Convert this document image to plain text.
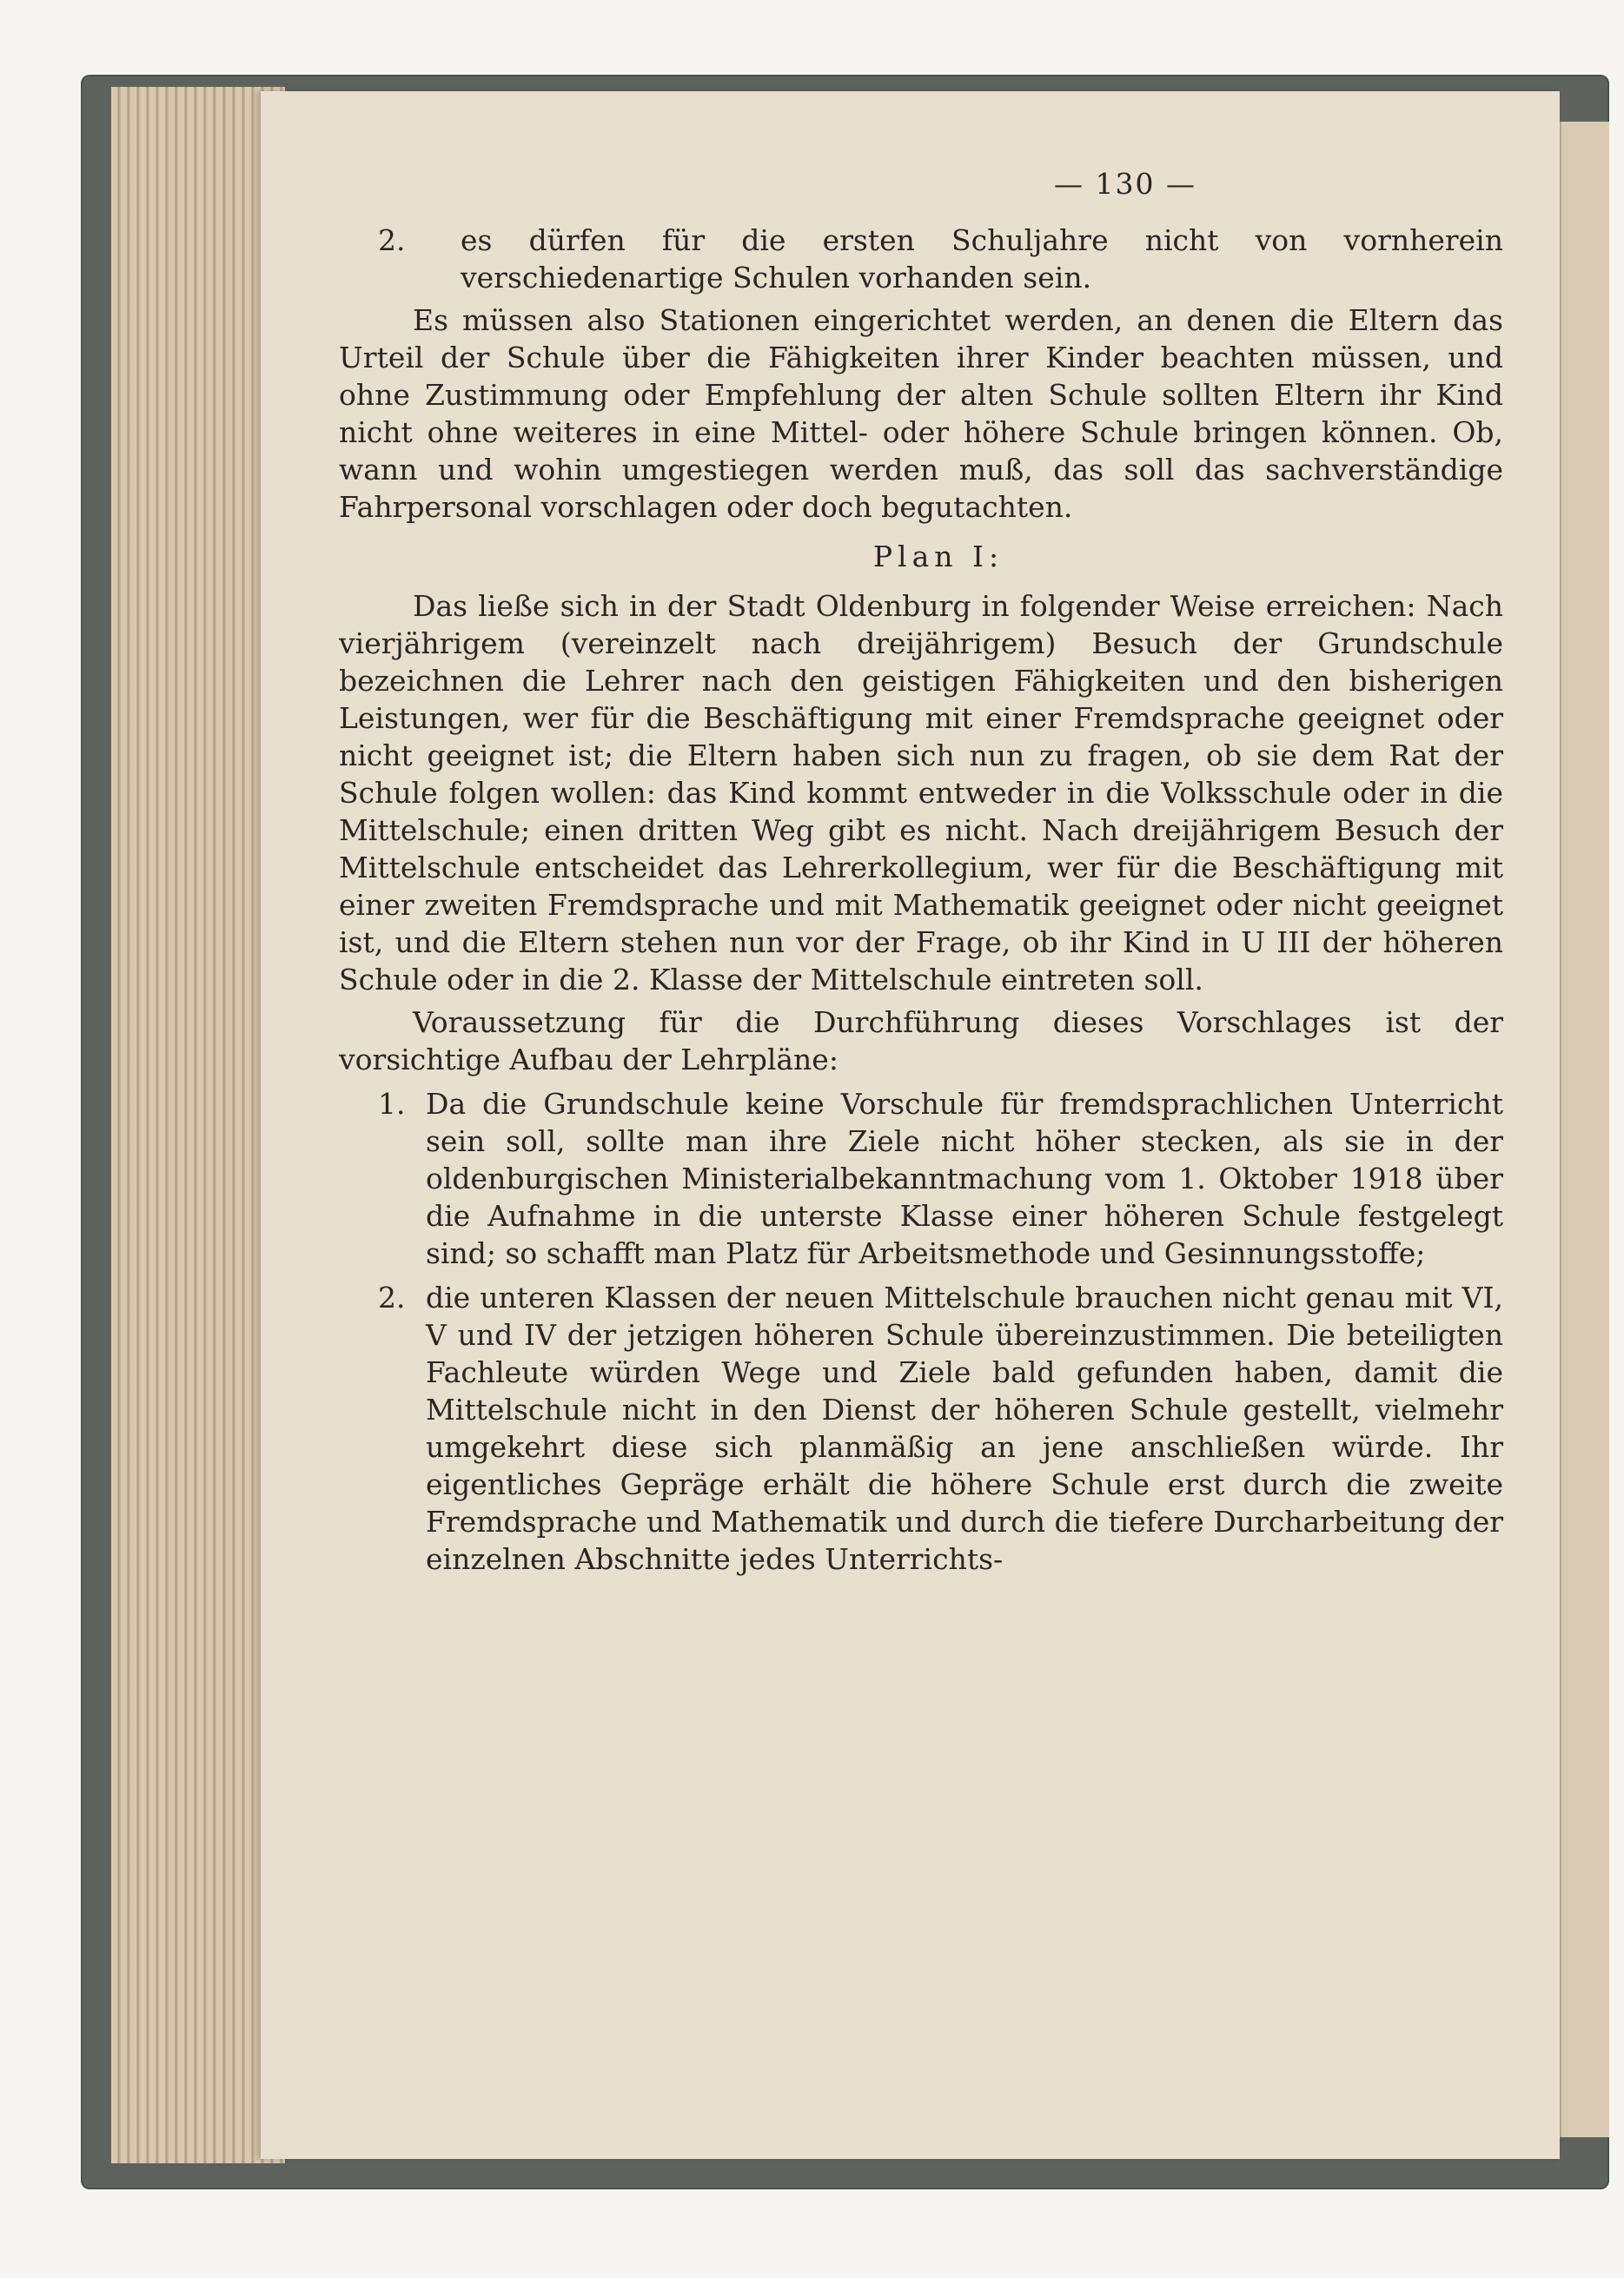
— 130 —
2. es dürfen für die ersten Schuljahre nicht von vornherein verschiedenartige Schulen vorhanden sein.

Es müssen also Stationen eingerichtet werden, an denen die Eltern das Urteil der Schule über die Fähigkeiten ihrer Kinder beachten müssen, und ohne Zustimmung oder Empfehlung der alten Schule sollten Eltern ihr Kind nicht ohne weiteres in eine Mittel- oder höhere Schule bringen können. Ob, wann und wohin umgestiegen werden muß, das soll das sachverständige Fahrpersonal vorschlagen oder doch begutachten.

Plan I:

Das ließe sich in der Stadt Oldenburg in folgender Weise erreichen: Nach vierjährigem (vereinzelt nach dreijährigem) Besuch der Grundschule bezeichnen die Lehrer nach den geistigen Fähigkeiten und den bisherigen Leistungen, wer für die Beschäftigung mit einer Fremdsprache geeignet oder nicht geeignet ist; die Eltern haben sich nun zu fragen, ob sie dem Rat der Schule folgen wollen: das Kind kommt entweder in die Volksschule oder in die Mittelschule; einen dritten Weg gibt es nicht. Nach dreijährigem Besuch der Mittelschule entscheidet das Lehrerkollegium, wer für die Beschäftigung mit einer zweiten Fremdsprache und mit Mathematik geeignet oder nicht geeignet ist, und die Eltern stehen nun vor der Frage, ob ihr Kind in U III der höheren Schule oder in die 2. Klasse der Mittelschule eintreten soll.

Voraussetzung für die Durchführung dieses Vorschlages ist der vorsichtige Aufbau der Lehrpläne:

1. Da die Grundschule keine Vorschule für fremdsprachlichen Unterricht sein soll, sollte man ihre Ziele nicht höher stecken, als sie in der oldenburgischen Ministerialbekanntmachung vom 1. Oktober 1918 über die Aufnahme in die unterste Klasse einer höheren Schule festgelegt sind; so schafft man Platz für Arbeitsmethode und Gesinnungsstoffe;
2. die unteren Klassen der neuen Mittelschule brauchen nicht genau mit VI, V und IV der jetzigen höheren Schule übereinzustimmen. Die beteiligten Fachleute würden Wege und Ziele bald gefunden haben, damit die Mittelschule nicht in den Dienst der höheren Schule gestellt, vielmehr umgekehrt diese sich planmäßig an jene anschließen würde. Ihr eigentliches Gepräge erhält die höhere Schule erst durch die zweite Fremdsprache und Mathematik und durch die tiefere Durcharbeitung der einzelnen Abschnitte jedes Unterrichts-
